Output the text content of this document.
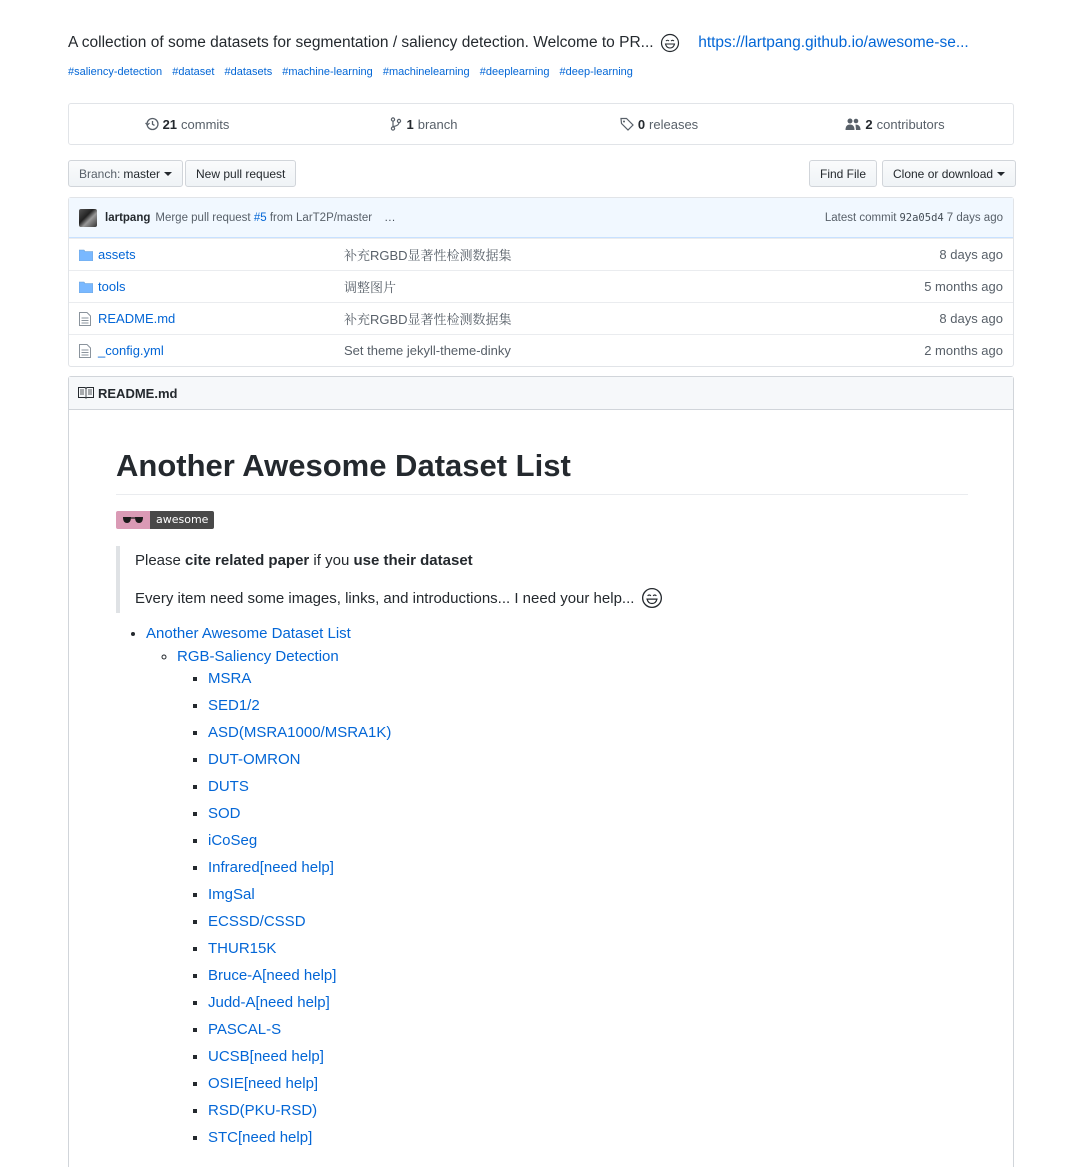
A collection of some datasets for segmentation / saliency detection. Welcome to PR...	https://lartpang.github.io/awesome-se...
#saliency-detection #dataset #datasets #machine-learning #machinelearning #deeplearning #deep-learning
21 commits	1 branch	0 releases	2 contributors
Branch: master	New pull request	Find File Clone or download
lartpang Merge pull request
#5
from LarT2P/master …	Latest commit 92a05d4 7 days ago
assets	补充RGBD显著性检测数据集	8 days ago
tools	调整图片	5 months ago
README.md	补充RGBD显著性检测数据集	8 days ago
_config.yml	Set theme jekyll-theme-dinky	2 months ago
README.md
Another Awesome Dataset List
awesome

Please cite related paper if you use their dataset

Every item need some images, links, and introductions... I need your help...

• Another Awesome Dataset List
◦ RGB-Saliency Detection
▪ MSRA
▪ SED1/2
▪ ASD(MSRA1000/MSRA1K)
▪ DUT-OMRON
▪ DUTS
▪ SOD
▪ iCoSeg
▪ Infrared[need help]
▪ ImgSal
▪ ECSSD/CSSD
▪ THUR15K
▪ Bruce-A[need help]
▪ Judd-A[need help]
▪ PASCAL-S
▪ UCSB[need help]
▪ OSIE[need help]
▪ RSD(PKU-RSD)
▪ STC[need help]
